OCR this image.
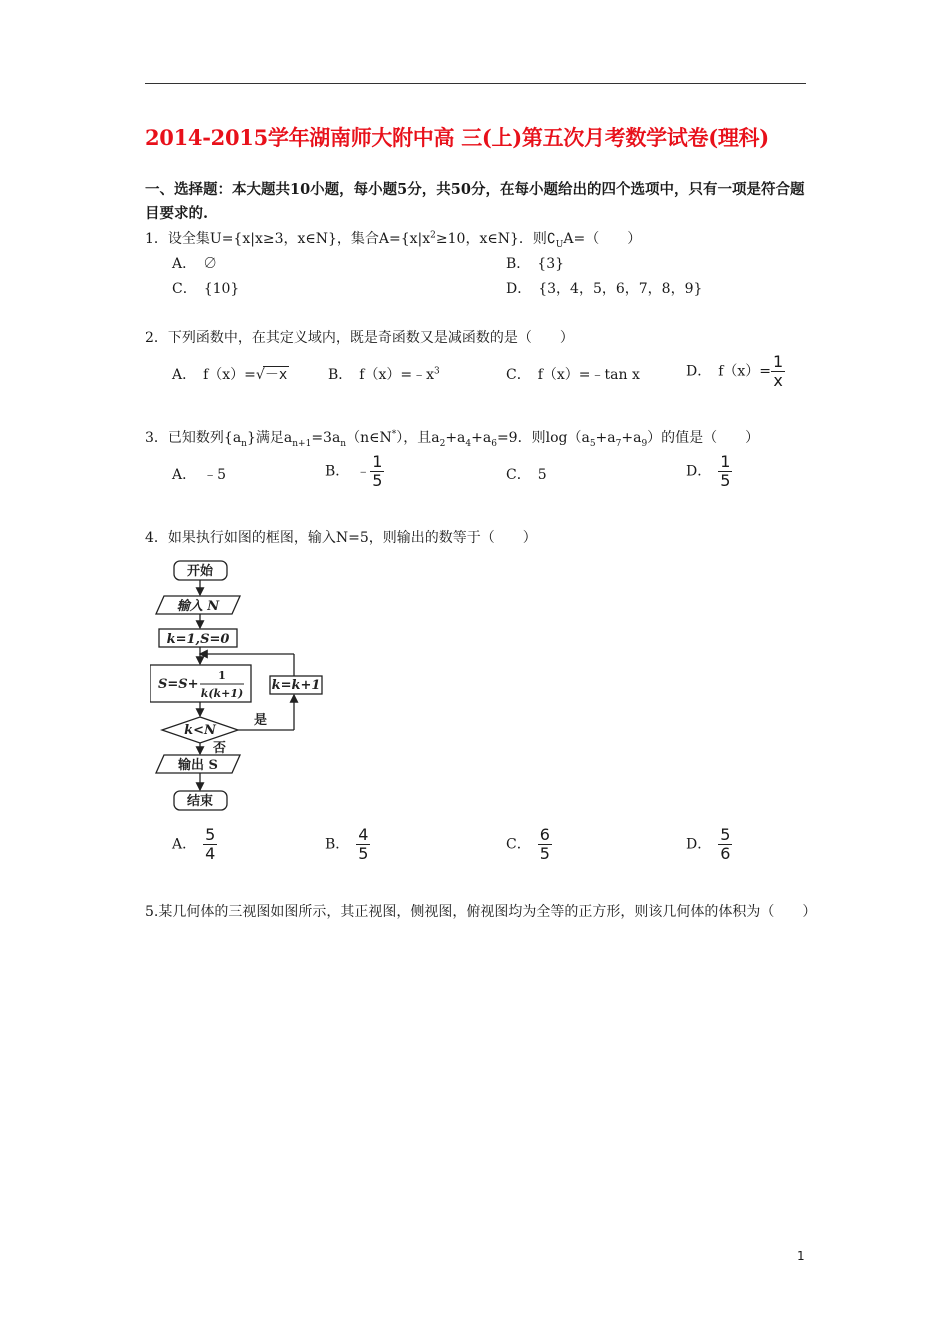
2014-2015学年湖南师大附中高 三(上)第五次月考数学试卷(理科)
一、选择题：本大题共10小题，每小题5分，共50分，在每小题给出的四个选项中，只有一项是符合题目要求的.
1．设全集U={x|x≥3，x∈N}，集合$A=\{x|x^2\ge 10$，x∈N}．则$∁_UA=$（　　）
A．　∅	B．　{3}
C．　{10}	D．　{3，4，5，6，7，8，9}
2．下列函数中，在其定义域内，既是奇函数又是减函数的是（　　）
A．　f（x）=√－x	B．　$f(x)=﹣x^3$	C．　f（x）=﹣tan x	D．　$f(x)= \frac{1}{x}$
3．已知数列$\{a_n\}$满足$a_{n+1}=3a_n(n\in N^*)$，且$a_2+a_4+a_6=9$．则$\log(a_5+a_7+a_9)$的值是（　　）
A．　﹣5	B．　﹣ $\frac{1}{5}$	C．　5	D．　 $\frac{1}{5}$
4．如果执行如图的框图，输入N=5，则输出的数等于（　　）
开始
输入 N
k=1,S=0
S=S+
1
k(k+1)
k=k+1
k<N
是
否
输出 S
结束
A．　 $\frac{5}{4}$	B．　 $\frac{4}{5}$	C．　 $\frac{6}{5}$	D．　 $\frac{5}{6}$
5.某几何体的三视图如图所示，其正视图，侧视图，俯视图均为全等的正方形，则该几何体的体积为（　　）
1
